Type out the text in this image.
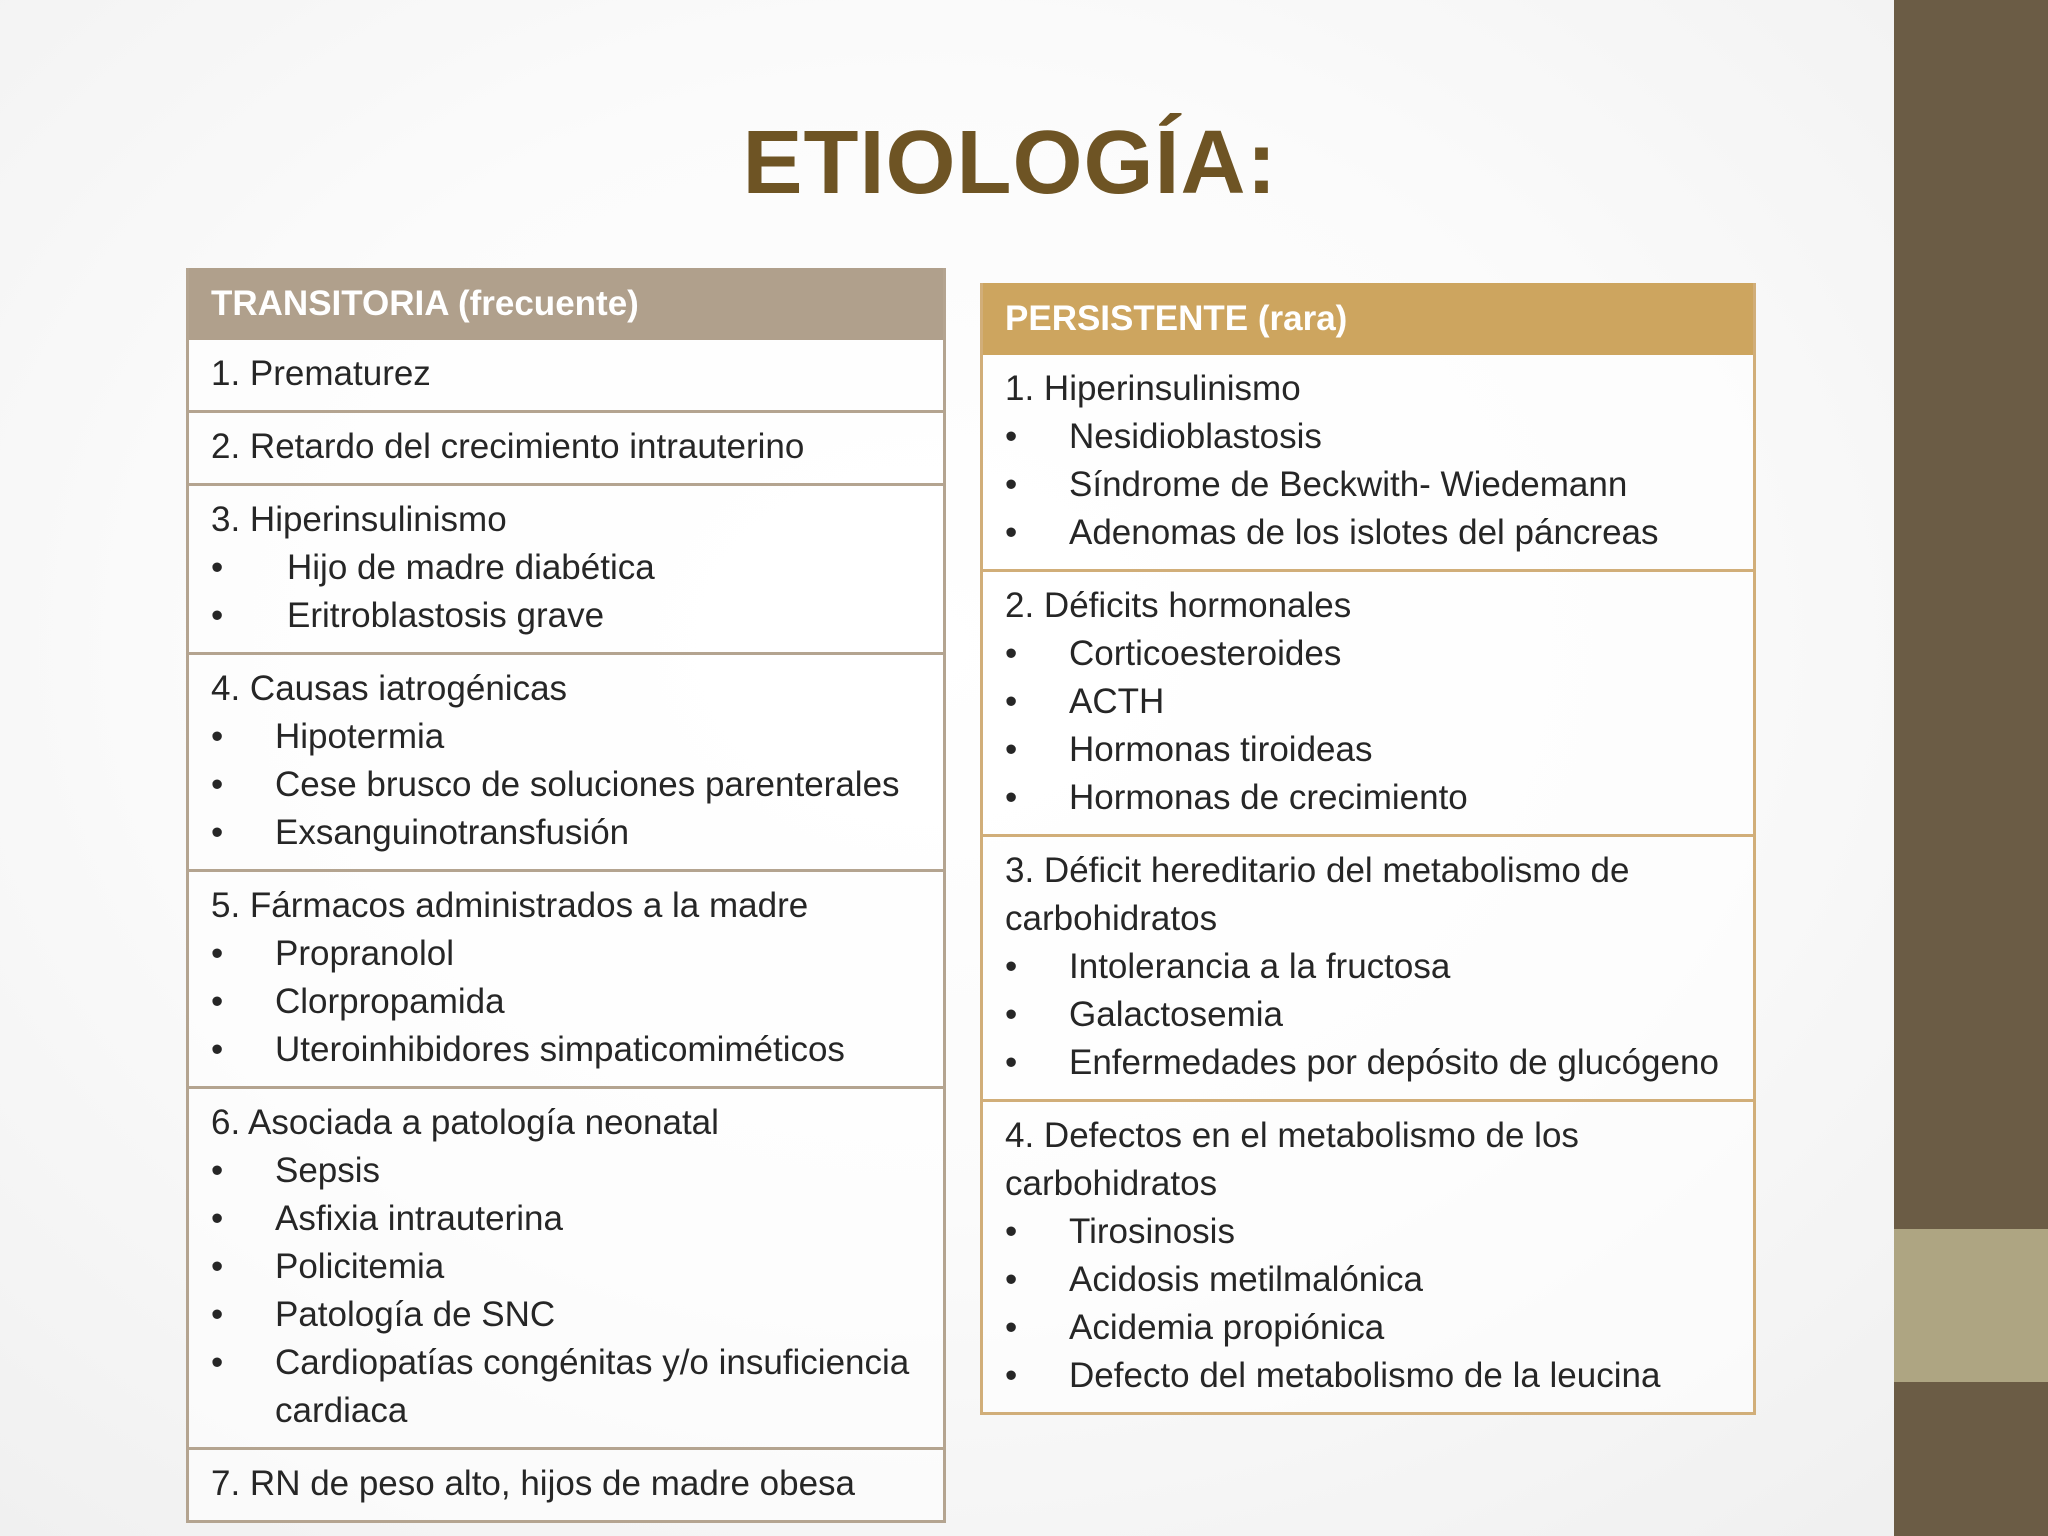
ETIOLOGÍA:
TRANSITORIA (frecuente)
1. Prematurez
2. Retardo del crecimiento intrauterino
3. Hiperinsulinismo
• Hijo de madre diabética
• Eritroblastosis grave
4. Causas iatrogénicas
• Hipotermia
• Cese brusco de soluciones parenterales
• Exsanguinotransfusión
5. Fármacos administrados a la madre
• Propranolol
• Clorpropamida
• Uteroinhibidores simpaticomiméticos
6. Asociada a patología neonatal
• Sepsis
• Asfixia intrauterina
• Policitemia
• Patología de SNC
• Cardiopatías congénitas y/o insuficiencia cardiaca
7. RN de peso alto, hijos de madre obesa
PERSISTENTE (rara)
1. Hiperinsulinismo
• Nesidioblastosis
• Síndrome de Beckwith- Wiedemann
• Adenomas de los islotes del páncreas
2. Déficits hormonales
• Corticoesteroides
• ACTH
• Hormonas tiroideas
• Hormonas de crecimiento
3. Déficit hereditario del metabolismo de carbohidratos
• Intolerancia a la fructosa
• Galactosemia
• Enfermedades por depósito de glucógeno
4. Defectos en el metabolismo de los carbohidratos
• Tirosinosis
• Acidosis metilmalónica
• Acidemia propiónica
• Defecto del metabolismo de la leucina
